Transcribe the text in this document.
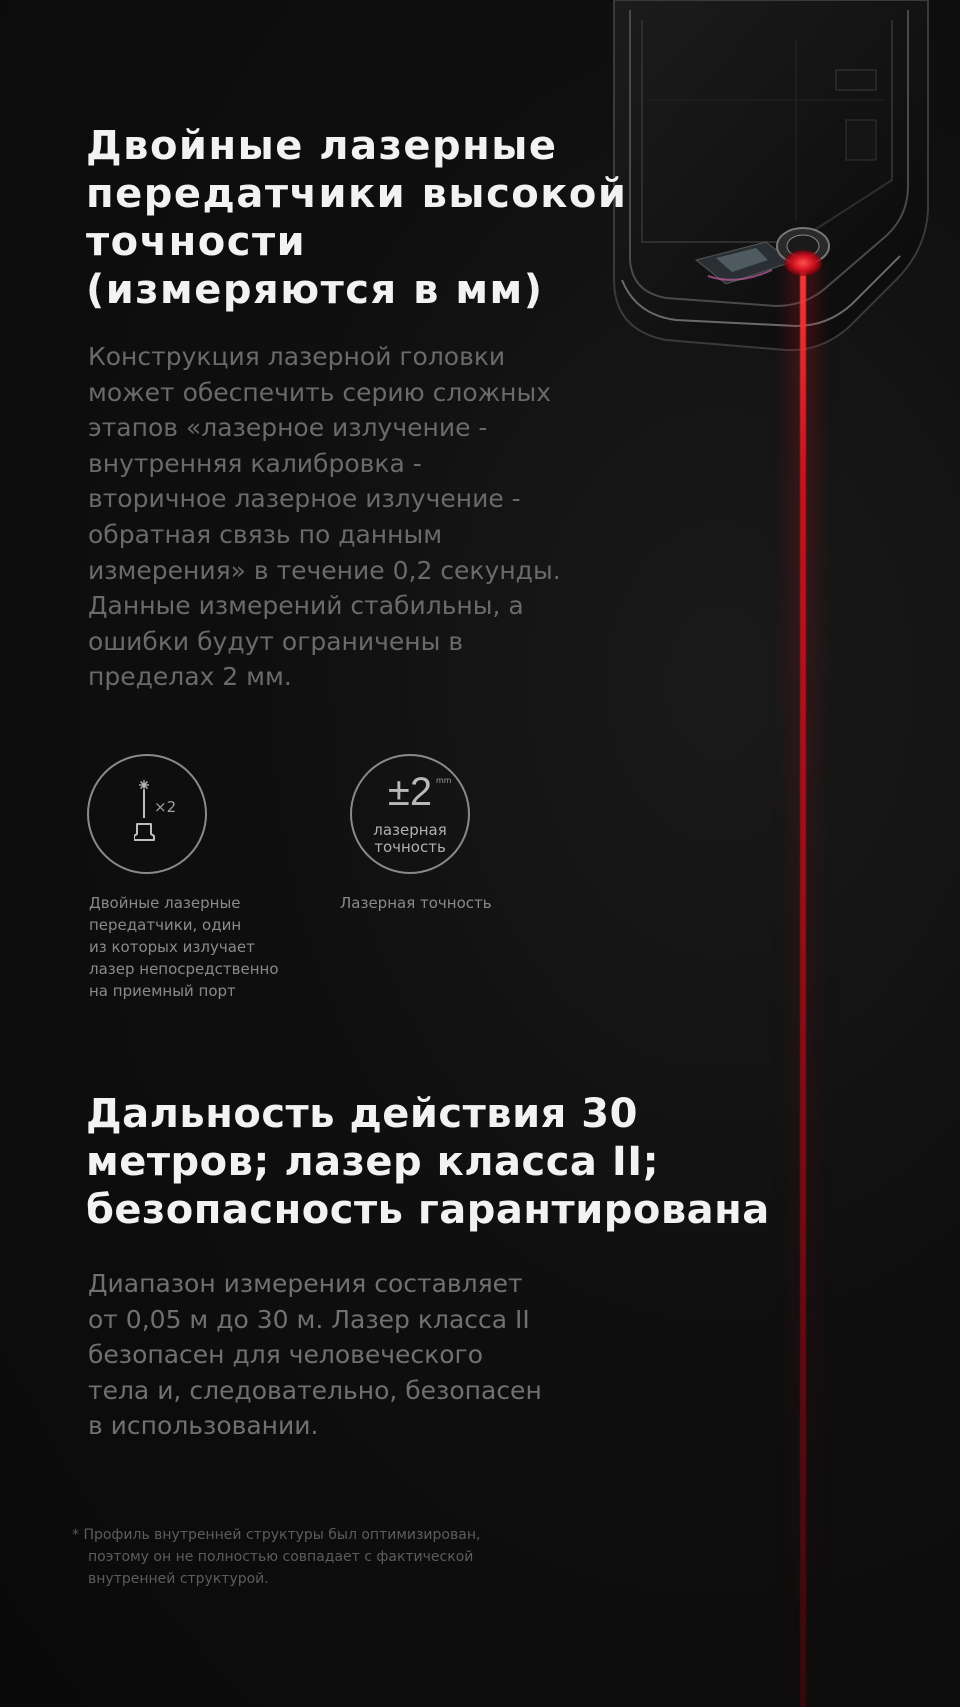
Двойные лазерные
передатчики высокой
точности
(измеряются в мм)

Конструкция лазерной головки
может обеспечить серию сложных
этапов «лазерное излучение -
внутренняя калибровка -
вторичное лазерное излучение -
обратная связь по данным
измерения» в течение 0,2 секунды.
Данные измерений стабильны, а
ошибки будут ограничены в
пределах 2 мм.

×2

Двойные лазерные
передатчики, один
из которых излучает
лазер непосредственно
на приемный порт

±2 mm
лазерная
точность

Лазерная точность

Дальность действия 30
метров; лазер класса II;
безопасность гарантирована

Диапазон измерения составляет
от 0,05 м до 30 м. Лазер класса II
безопасен для человеческого
тела и, следовательно, безопасен
в использовании.

* Профиль внутренней структуры был оптимизирован,
поэтому он не полностью совпадает с фактической
внутренней структурой.
